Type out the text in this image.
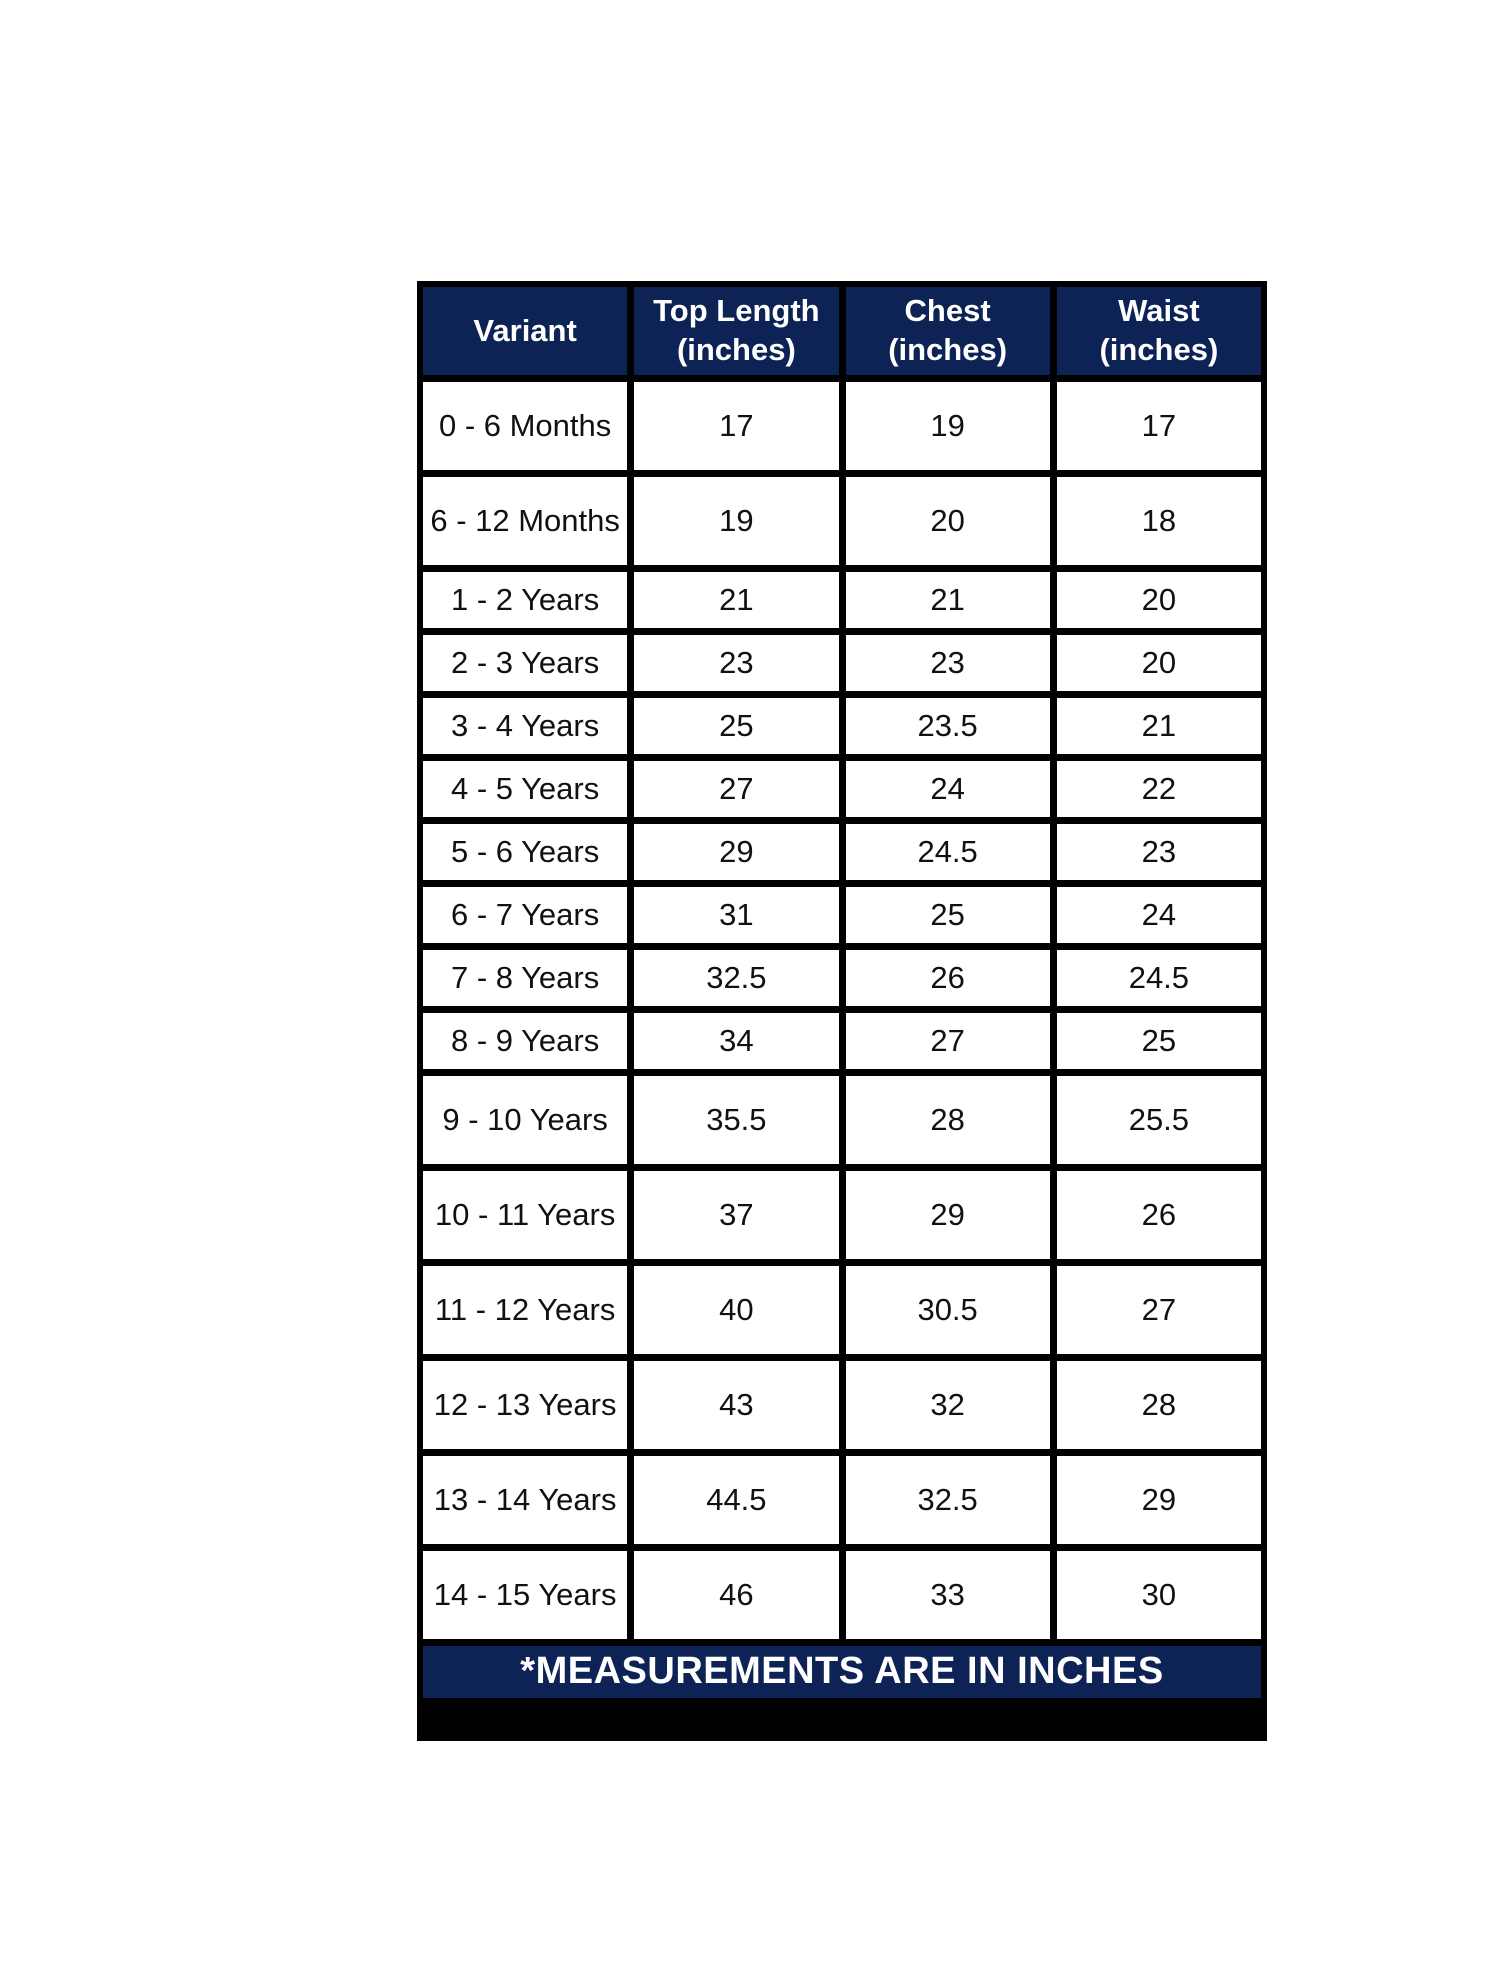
Variant	Top Length (inches)	Chest (inches)	Waist (inches)
0 - 6 Months	17	19	17
6 - 12 Months	19	20	18
1 - 2 Years	21	21	20
2 - 3 Years	23	23	20
3 - 4 Years	25	23.5	21
4 - 5 Years	27	24	22
5 - 6 Years	29	24.5	23
6 - 7 Years	31	25	24
7 - 8 Years	32.5	26	24.5
8 - 9 Years	34	27	25
9 - 10 Years	35.5	28	25.5
10 - 11 Years	37	29	26
11 - 12 Years	40	30.5	27
12 - 13 Years	43	32	28
13 - 14 Years	44.5	32.5	29
14 - 15 Years	46	33	30
*MEASUREMENTS ARE IN INCHES			
